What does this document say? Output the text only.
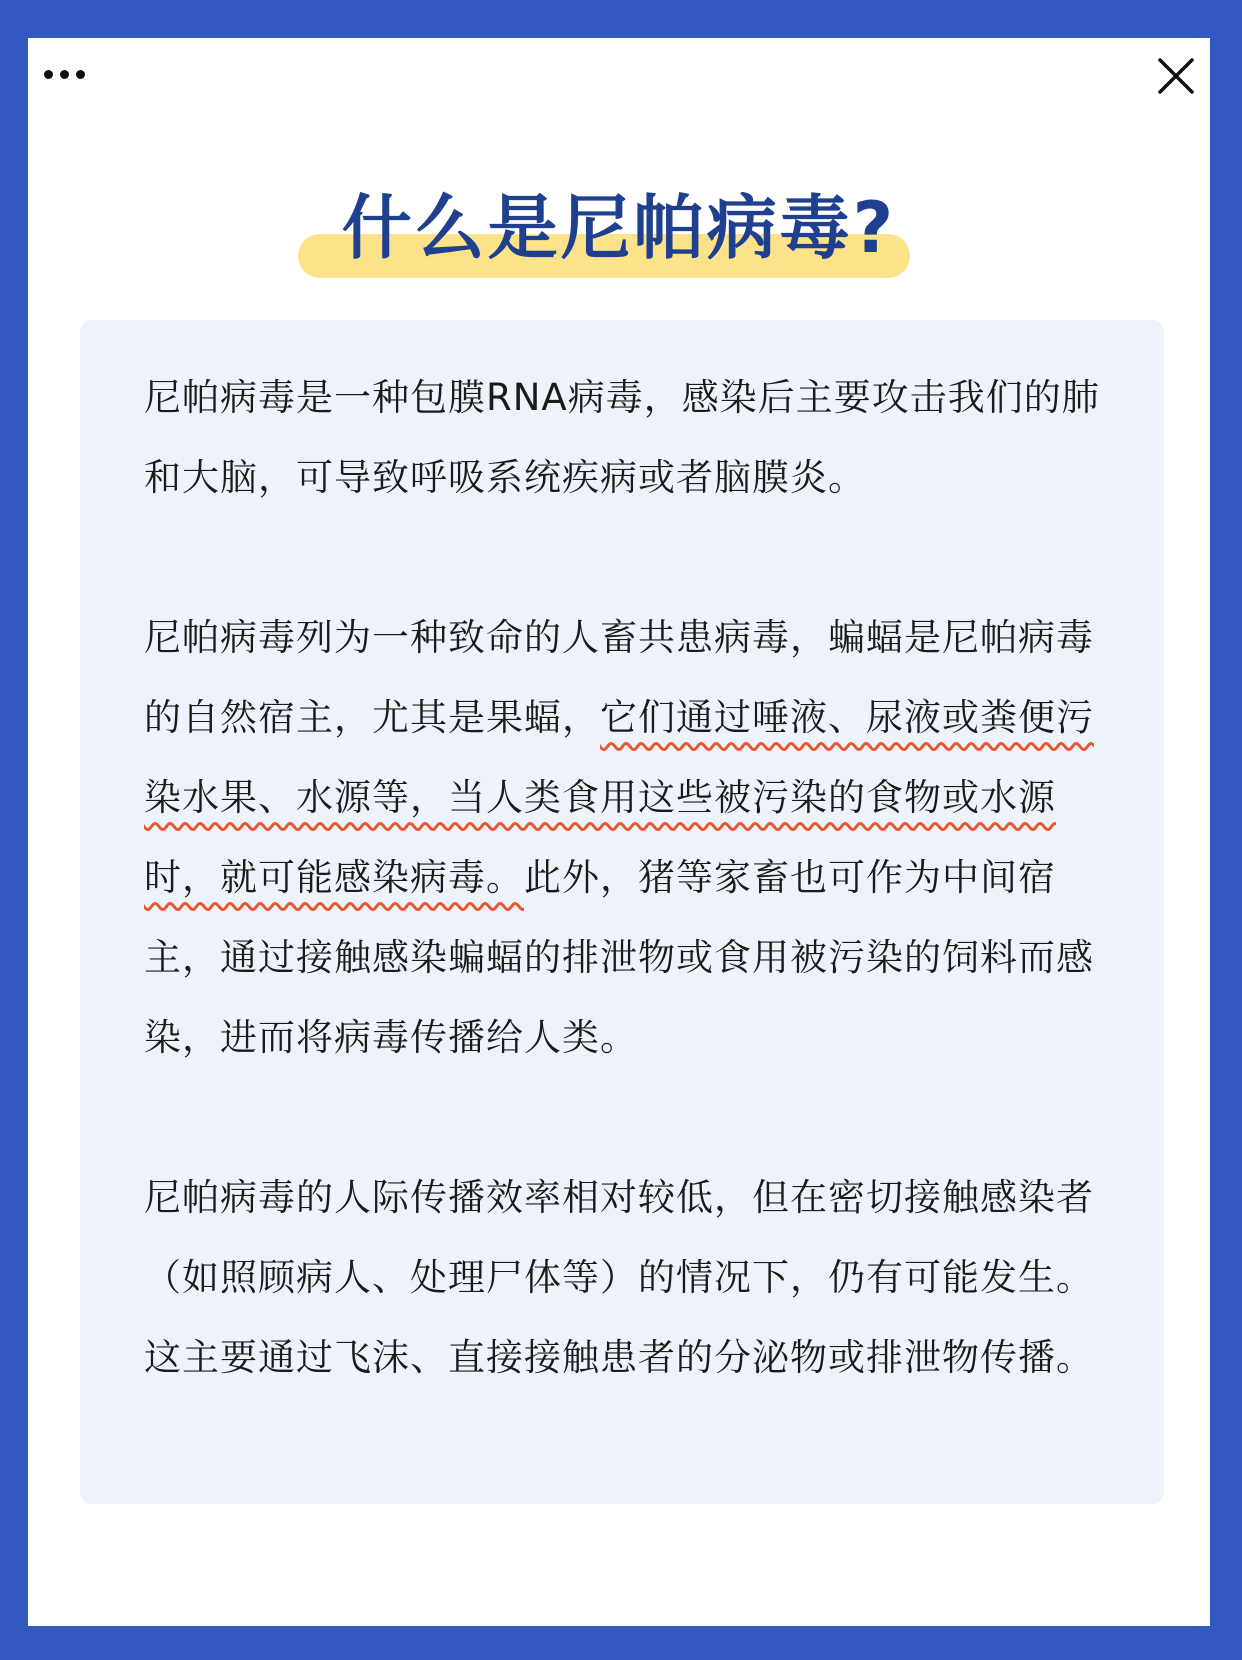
什么是尼帕病毒?
尼帕病毒是一种包膜RNA病毒，感染后主要攻击我们的肺和大脑，可导致呼吸系统疾病或者脑膜炎。
尼帕病毒列为一种致命的人畜共患病毒，蝙蝠是尼帕病毒的自然宿主，尤其是果蝠，它们通过唾液、尿液或粪便污染水果、水源等，当人类食用这些被污染的食物或水源时，就可能感染病毒。此外，猪等家畜也可作为中间宿主，通过接触感染蝙蝠的排泄物或食用被污染的饲料而感染，进而将病毒传播给人类。
尼帕病毒的人际传播效率相对较低，但在密切接触感染者（如照顾病人、处理尸体等）的情况下，仍有可能发生。这主要通过飞沫、直接接触患者的分泌物或排泄物传播。
